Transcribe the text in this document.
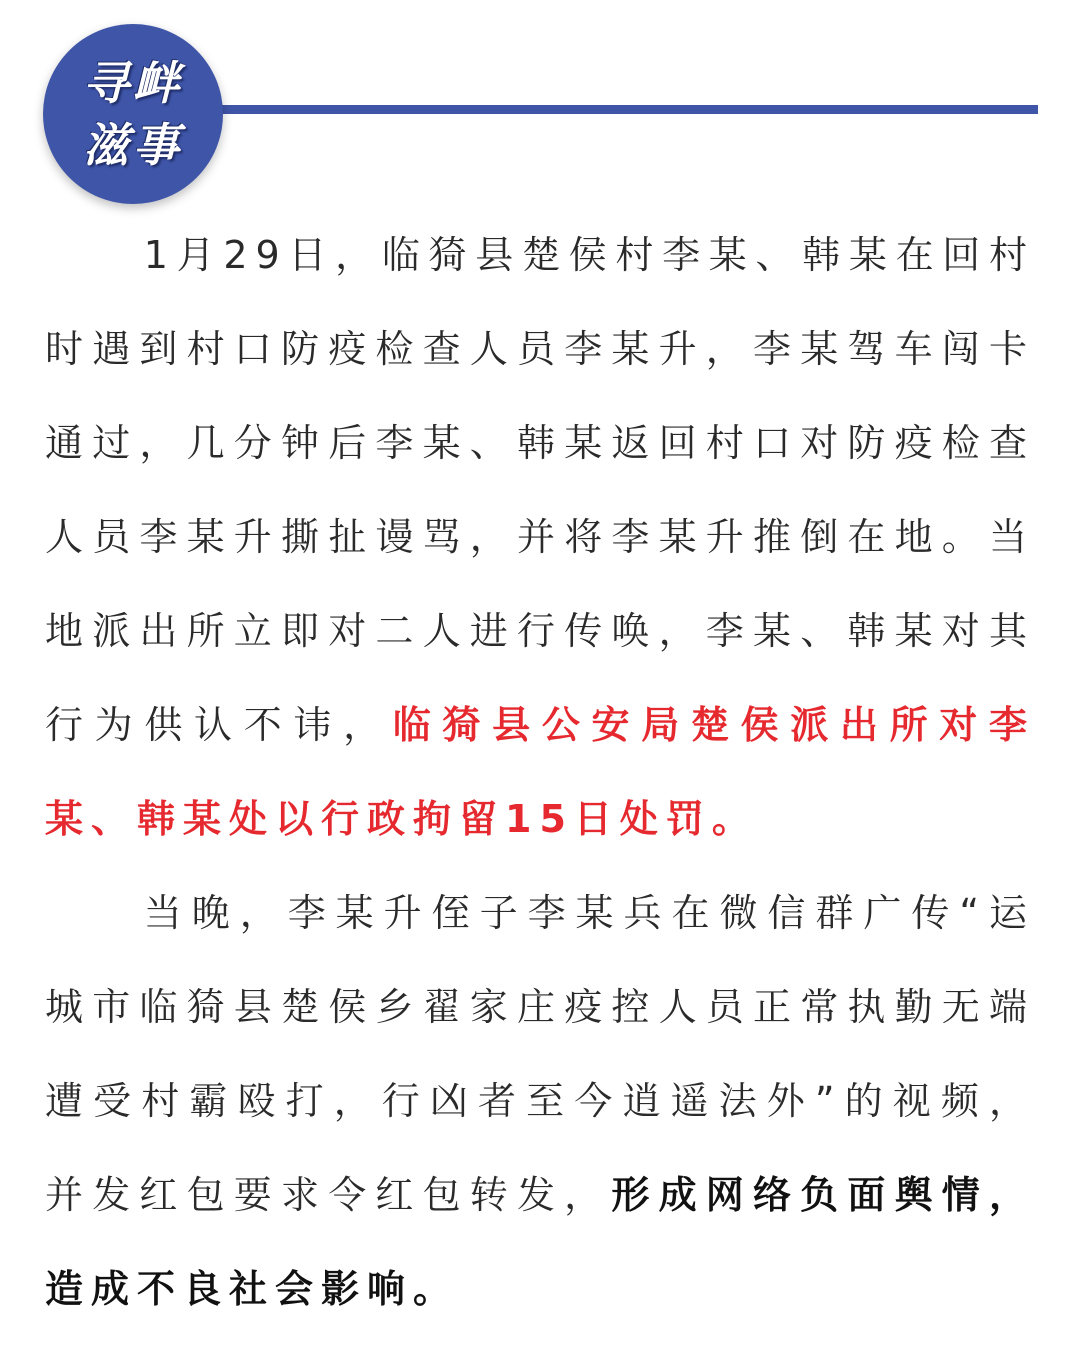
寻衅
滋事

1月29日，临猗县楚侯村李某、韩某在回村时遇到村口防疫检查人员李某升，李某驾车闯卡通过，几分钟后李某、韩某返回村口对防疫检查人员李某升撕扯谩骂，并将李某升推倒在地。当地派出所立即对二人进行传唤，李某、韩某对其行为供认不讳，临猗县公安局楚侯派出所对李某、韩某处以行政拘留15日处罚。

当晚，李某升侄子李某兵在微信群广传“运城市临猗县楚侯乡翟家庄疫控人员正常执勤无端遭受村霸殴打，行凶者至今逍遥法外”的视频，并发红包要求令红包转发，形成网络负面舆情，造成不良社会影响。
